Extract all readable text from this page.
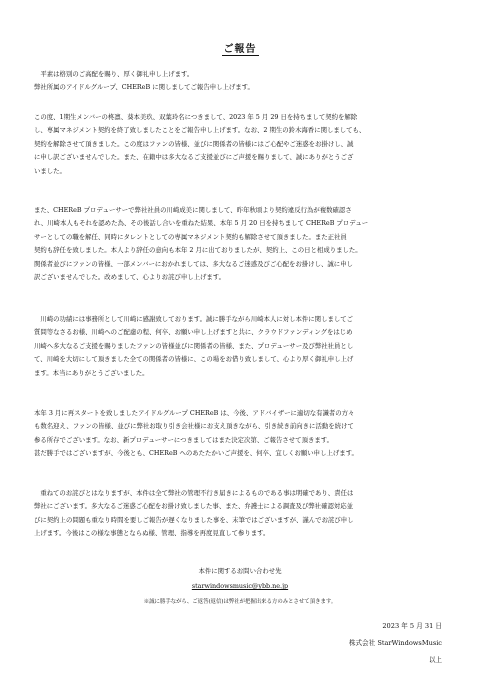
ご報告
　平素は格別のご高配を賜り、厚く御礼申し上げます。
弊社所属のアイドルグループ、CHEReB に関しましてご報告申し上げます。
この度、1期生メンバーの柊凛、葵本美玖、双葉玲名につきまして、2023 年 5 月 29 日を持ちまして契約を解除
し、専属マネジメント契約を終了致しましたことをご報告申し上げます。なお、2 期生の鈴木海香に関しましても、
契約を解除させて頂きました。この度はファンの皆様、並びに関係者の皆様にはご心配やご迷惑をお掛けし、誠
に申し訳ございませんでした。また、在籍中は多大なるご支援並びにご声援を賜りまして、誠にありがとうござ
いました。
また、CHEReB プロデューサーで弊社社員の川崎成美に関しまして、昨年秋頃より契約違反行為が複数確認さ
れ、川崎本人もそれを認めた為、その後話し合いを重ねた結果、本年 5 月 20 日を持ちまして CHEReB プロデュー
サーとしての職を解任、同時にタレントとしての専属マネジメント契約も解除させて頂きました。また正社員
契約も辞任を致しました。本人より辞任の意向も本年 2 月に出ておりましたが、契約上、この日と相成りました。
関係者並びにファンの皆様、一部メンバーにおかれましては、多大なるご迷惑及びご心配をお掛けし、誠に申し
訳ございませんでした。改めまして、心よりお詫び申し上げます。
　川崎の功績には事務所として川崎に感謝致しております。誠に勝手ながら川崎本人に対し本件に関しましてご
質問等なさるお様、川崎へのご配慮の程、何卒、お願い申し上げますと共に、クラウドファンディングをはじめ
川崎へ多大なるご支援を賜りましたファンの皆様並びに関係者の皆様、また、プロデューサー及び弊社社員とし
て、川崎を大切にして頂きました全ての関係者の皆様に、この場をお借り致しまして、心より厚く御礼申し上げ
ます。本当にありがとうございました。
本年 3 月に再スタートを致しましたアイドルグループ CHEReB は、今後、アドバイザーに適切な有識者の方々
も数名迎え、ファンの皆様、並びに弊社お取り引き会社様にお支え頂きながら、引き続き前向きに活動を続けて
参る所存でございます。なお、新プロデューサーにつきましてはまた決定次第、ご報告させて頂きます。
甚だ勝手ではございますが、今後とも、CHEReB へのあたたかいご声援を、何卒、宜しくお願い申し上げます。
　重ねてのお詫びとはなりますが、本件は全て弊社の管理不行き届きによるものである事は明確であり、責任は
弊社にございます。多大なるご迷惑ご心配をお掛け致しました事、また、弁護士による調査及び弊社確認対応並
びに契約上の問題も重なり時間を要しご報告が遅くなりました事を、末筆ではございますが、謹んでお詫び申し
上げます。今後はこの様な事態とならぬ様、管理、指導を再度見直して参ります。
本件に関するお問い合わせ先
starwindowsmusic@ybb.ne.jp
※誠に勝手ながら、ご返答(返信)は弊社が把握出来る方のみとさせて頂きます。
2023 年 5 月 31 日
株式会社 StarWindowsMusic
以上
